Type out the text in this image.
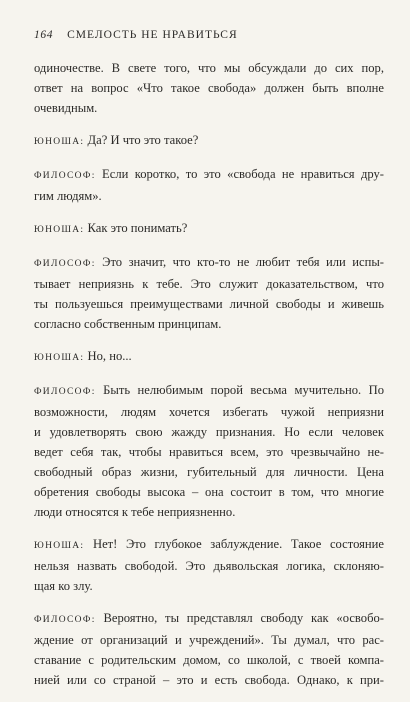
164 СМЕЛОСТЬ НЕ НРАВИТЬСЯ
одиночестве. В свете того, что мы обсуждали до сих пор,
ответ на вопрос «Что такое свобода» должен быть вполне
очевидным.
ЮНОША: Да? И что это такое?
ФИЛОСОФ: Если коротко, то это «свобода не нравиться дру-
гим людям».
ЮНОША: Как это понимать?
ФИЛОСОФ: Это значит, что кто-то не любит тебя или испы-
тывает неприязнь к тебе. Это служит доказательством, что
ты пользуешься преимуществами личной свободы и живешь
согласно собственным принципам.
ЮНОША: Но, но...
ФИЛОСОФ: Быть нелюбимым порой весьма мучительно. По
возможности, людям хочется избегать чужой неприязни
и удовлетворять свою жажду признания. Но если человек
ведет себя так, чтобы нравиться всем, это чрезвычайно не-
свободный образ жизни, губительный для личности. Цена
обретения свободы высока – она состоит в том, что многие
люди относятся к тебе неприязненно.
ЮНОША: Нет! Это глубокое заблуждение. Такое состояние
нельзя назвать свободой. Это дьявольская логика, склоняю-
щая ко злу.
ФИЛОСОФ: Вероятно, ты представлял свободу как «освобо-
ждение от организаций и учреждений». Ты думал, что рас-
ставание с родительским домом, со школой, с твоей компа-
нией или со страной – это и есть свобода. Однако, к при-
